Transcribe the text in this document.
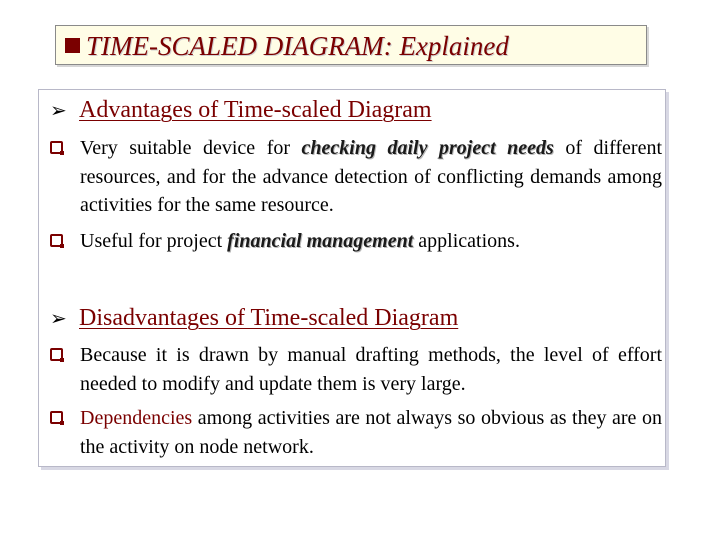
TIME-SCALED DIAGRAM: Explained
➢ Advantages of Time-scaled Diagram
Very suitable device for checking daily project needs of different resources, and for the advance detection of conflicting demands among activities for the same resource.
Useful for project financial management applications.
➢ Disadvantages of Time-scaled Diagram
Because it is drawn by manual drafting methods, the level of effort needed to modify and update them is very large.
Dependencies among activities are not always so obvious as they are on the activity on node network.
